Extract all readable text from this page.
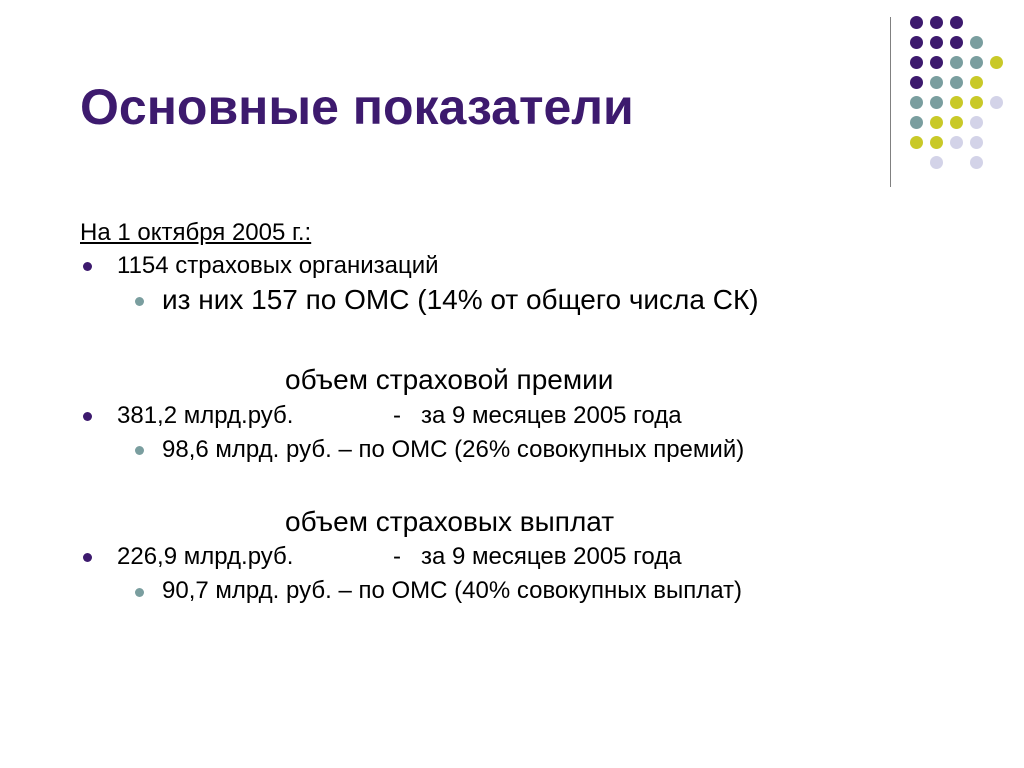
Основные показатели
На 1 октября 2005 г.:
1154 страховых организаций
из них 157 по ОМС (14% от общего числа СК)
объем страховой премии
381,2 млрд.руб.	- за 9 месяцев 2005 года
98,6 млрд. руб. – по ОМС (26% совокупных премий)
объем страховых выплат
226,9 млрд.руб.	- за 9 месяцев 2005 года
90,7 млрд. руб. – по ОМС (40% совокупных выплат)
